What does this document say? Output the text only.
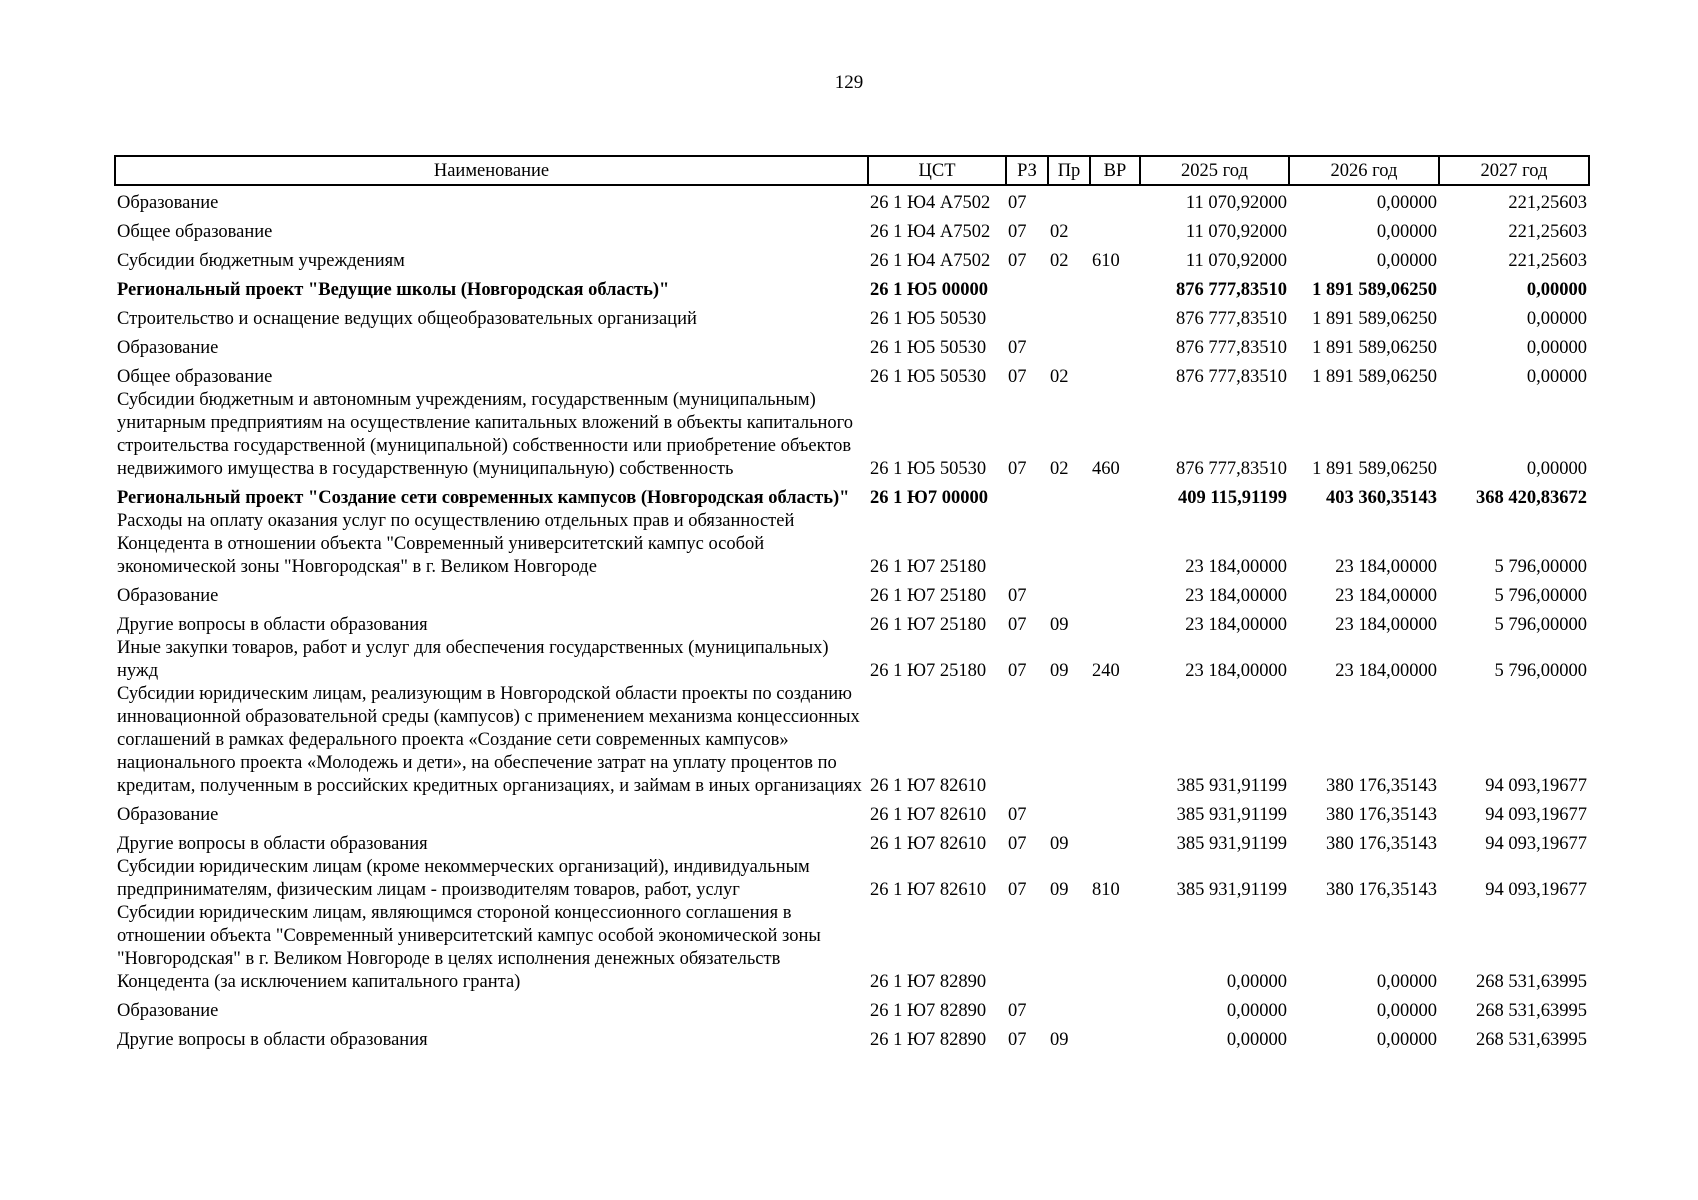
129
Наименование	ЦСТ	РЗ	Пр	ВР	2025 год	2026 год	2027 год
Образование	26 1 Ю4 А7502	07			11 070,92000	0,00000	221,25603
Общее образование	26 1 Ю4 А7502	07	02		11 070,92000	0,00000	221,25603
Субсидии бюджетным учреждениям	26 1 Ю4 А7502	07	02	610	11 070,92000	0,00000	221,25603
Региональный проект "Ведущие школы (Новгородская область)"	26 1 Ю5 00000				876 777,83510	1 891 589,06250	0,00000
Строительство и оснащение ведущих общеобразовательных организаций	26 1 Ю5 50530				876 777,83510	1 891 589,06250	0,00000
Образование	26 1 Ю5 50530	07			876 777,83510	1 891 589,06250	0,00000
Общее образование	26 1 Ю5 50530	07	02		876 777,83510	1 891 589,06250	0,00000
Субсидии бюджетным и автономным учреждениям, государственным (муниципальным) унитарным предприятиям на осуществление капитальных вложений в объекты капитального строительства государственной (муниципальной) собственности или приобретение объектов недвижимого имущества в государственную (муниципальную) собственность	26 1 Ю5 50530	07	02	460	876 777,83510	1 891 589,06250	0,00000
Региональный проект "Создание сети современных кампусов (Новгородская область)"	26 1 Ю7 00000				409 115,91199	403 360,35143	368 420,83672
Расходы на оплату оказания услуг по осуществлению отдельных прав и обязанностей Концедента в отношении объекта "Современный университетский кампус особой экономической зоны "Новгородская" в г. Великом Новгороде	26 1 Ю7 25180				23 184,00000	23 184,00000	5 796,00000
Образование	26 1 Ю7 25180	07			23 184,00000	23 184,00000	5 796,00000
Другие вопросы в области образования	26 1 Ю7 25180	07	09		23 184,00000	23 184,00000	5 796,00000
Иные закупки товаров, работ и услуг для обеспечения государственных (муниципальных) нужд	26 1 Ю7 25180	07	09	240	23 184,00000	23 184,00000	5 796,00000
Субсидии юридическим лицам, реализующим в Новгородской области проекты по созданию инновационной образовательной среды (кампусов) с применением механизма концессионных соглашений в рамках федерального проекта «Создание сети современных кампусов» национального проекта «Молодежь и дети», на обеспечение затрат на уплату процентов по кредитам, полученным в российских кредитных организациях, и займам в иных организациях	26 1 Ю7 82610				385 931,91199	380 176,35143	94 093,19677
Образование	26 1 Ю7 82610	07			385 931,91199	380 176,35143	94 093,19677
Другие вопросы в области образования	26 1 Ю7 82610	07	09		385 931,91199	380 176,35143	94 093,19677
Субсидии юридическим лицам (кроме некоммерческих организаций), индивидуальным предпринимателям, физическим лицам - производителям товаров, работ, услуг	26 1 Ю7 82610	07	09	810	385 931,91199	380 176,35143	94 093,19677
Субсидии юридическим лицам, являющимся стороной концессионного соглашения в отношении объекта "Современный университетский кампус особой экономической зоны "Новгородская" в г. Великом Новгороде в целях исполнения денежных обязательств Концедента (за исключением капитального гранта)	26 1 Ю7 82890				0,00000	0,00000	268 531,63995
Образование	26 1 Ю7 82890	07			0,00000	0,00000	268 531,63995
Другие вопросы в области образования	26 1 Ю7 82890	07	09		0,00000	0,00000	268 531,63995
